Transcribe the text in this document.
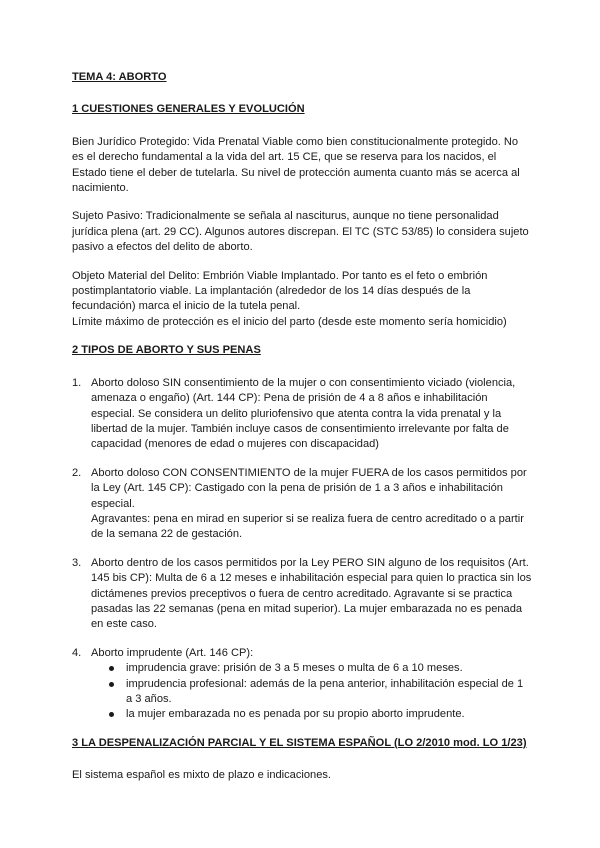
TEMA 4: ABORTO

1 CUESTIONES GENERALES Y EVOLUCIÓN

Bien Jurídico Protegido: Vida Prenatal Viable como bien constitucionalmente protegido. No es el derecho fundamental a la vida del art. 15 CE, que se reserva para los nacidos, el Estado tiene el deber de tutelarla. Su nivel de protección aumenta cuanto más se acerca al nacimiento.

Sujeto Pasivo: Tradicionalmente se señala al nasciturus, aunque no tiene personalidad jurídica plena (art. 29 CC). Algunos autores discrepan. El TC (STC 53/85) lo considera sujeto pasivo a efectos del delito de aborto.

Objeto Material del Delito: Embrión Viable Implantado. Por tanto es el feto o embrión postimplantatorio viable. La implantación (alrededor de los 14 días después de la fecundación) marca el inicio de la tutela penal.

Límite máximo de protección es el inicio del parto (desde este momento sería homicidio)

2 TIPOS DE ABORTO Y SUS PENAS

1. Aborto doloso SIN consentimiento de la mujer o con consentimiento viciado (violencia, amenaza o engaño) (Art. 144 CP): Pena de prisión de 4 a 8 años e inhabilitación especial. Se considera un delito pluriofensivo que atenta contra la vida prenatal y la libertad de la mujer. También incluye casos de consentimiento irrelevante por falta de capacidad (menores de edad o mujeres con discapacidad)

2. Aborto doloso CON CONSENTIMIENTO de la mujer FUERA de los casos permitidos por la Ley (Art. 145 CP): Castigado con la pena de prisión de 1 a 3 años e inhabilitación especial.

Agravantes: pena en mirad en superior si se realiza fuera de centro acreditado o a partir de la semana 22 de gestación.

3. Aborto dentro de los casos permitidos por la Ley PERO SIN alguno de los requisitos (Art. 145 bis CP): Multa de 6 a 12 meses e inhabilitación especial para quien lo practica sin los dictámenes previos preceptivos o fuera de centro acreditado. Agravante si se practica pasadas las 22 semanas (pena en mitad superior). La mujer embarazada no es penada en este caso.

4. Aborto imprudente (Art. 146 CP):

imprudencia grave: prisión de 3 a 5 meses o multa de 6 a 10 meses.
imprudencia profesional: además de la pena anterior, inhabilitación especial de 1 a 3 años.
la mujer embarazada no es penada por su propio aborto imprudente.

3 LA DESPENALIZACIÓN PARCIAL Y EL SISTEMA ESPAÑOL (LO 2/2010 mod. LO 1/23)

El sistema español es mixto de plazo e indicaciones.
